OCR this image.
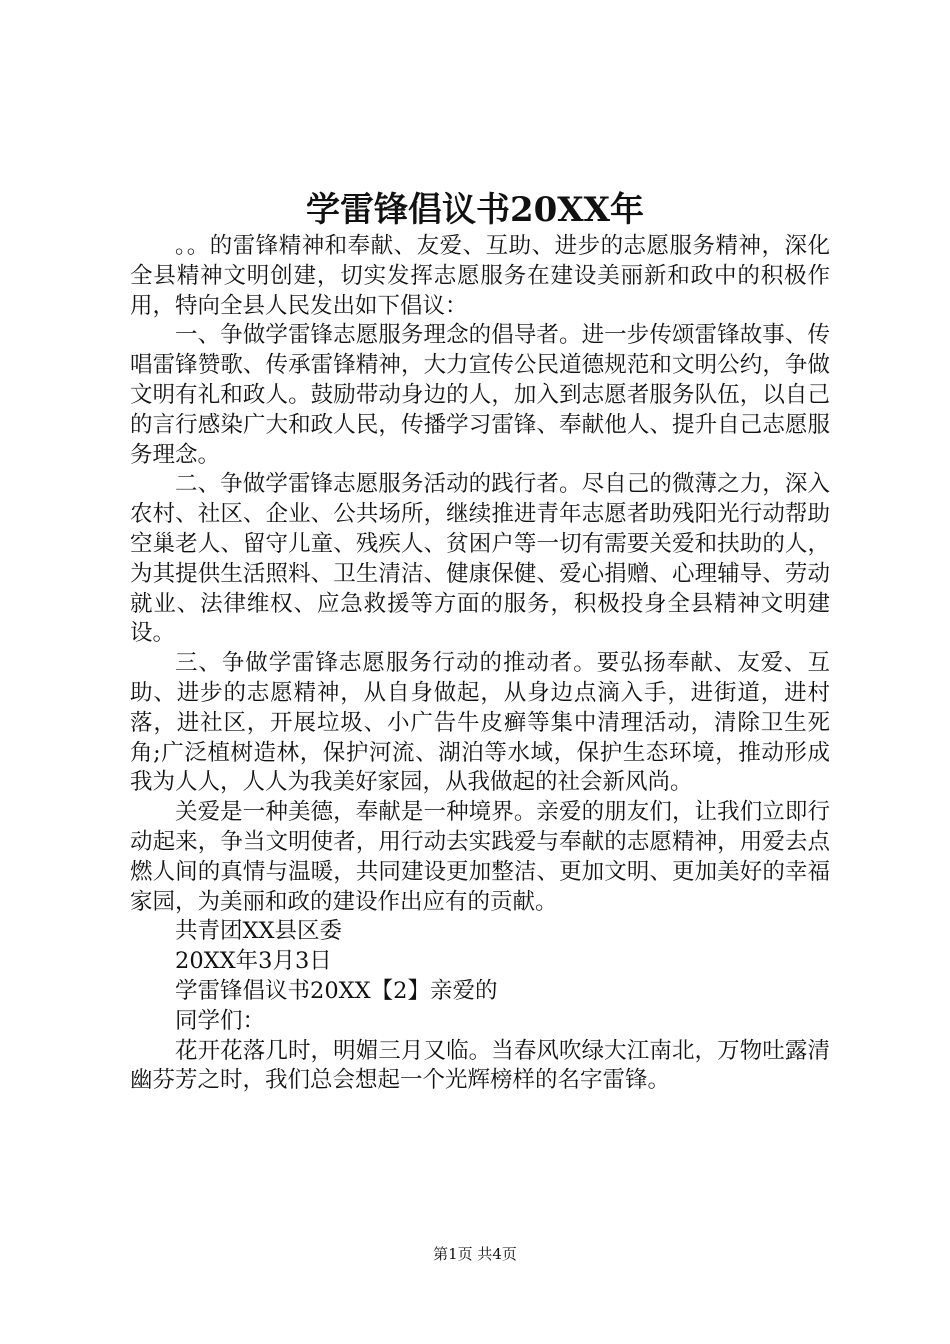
学雷锋倡议书20XX年

。。的雷锋精神和奉献、友爱、互助、进步的志愿服务精神，深化全县精神文明创建，切实发挥志愿服务在建设美丽新和政中的积极作用，特向全县人民发出如下倡议：

一、争做学雷锋志愿服务理念的倡导者。进一步传颂雷锋故事、传唱雷锋赞歌、传承雷锋精神，大力宣传公民道德规范和文明公约，争做文明有礼和政人。鼓励带动身边的人，加入到志愿者服务队伍，以自己的言行感染广大和政人民，传播学习雷锋、奉献他人、提升自己志愿服务理念。

二、争做学雷锋志愿服务活动的践行者。尽自己的微薄之力，深入农村、社区、企业、公共场所，继续推进青年志愿者助残阳光行动帮助空巢老人、留守儿童、残疾人、贫困户等一切有需要关爱和扶助的人，为其提供生活照料、卫生清洁、健康保健、爱心捐赠、心理辅导、劳动就业、法律维权、应急救援等方面的服务，积极投身全县精神文明建设。

三、争做学雷锋志愿服务行动的推动者。要弘扬奉献、友爱、互助、进步的志愿精神，从自身做起，从身边点滴入手，进街道，进村落，进社区，开展垃圾、小广告牛皮癣等集中清理活动，清除卫生死角;广泛植树造林，保护河流、湖泊等水域，保护生态环境，推动形成我为人人，人人为我美好家园，从我做起的社会新风尚。

关爱是一种美德，奉献是一种境界。亲爱的朋友们，让我们立即行动起来，争当文明使者，用行动去实践爱与奉献的志愿精神，用爱去点燃人间的真情与温暖，共同建设更加整洁、更加文明、更加美好的幸福家园，为美丽和政的建设作出应有的贡献。

共青团XX县区委

20XX年3月3日

学雷锋倡议书20XX【2】亲爱的

同学们：

花开花落几时，明媚三月又临。当春风吹绿大江南北，万物吐露清幽芬芳之时，我们总会想起一个光辉榜样的名字雷锋。

第1页 共4页
